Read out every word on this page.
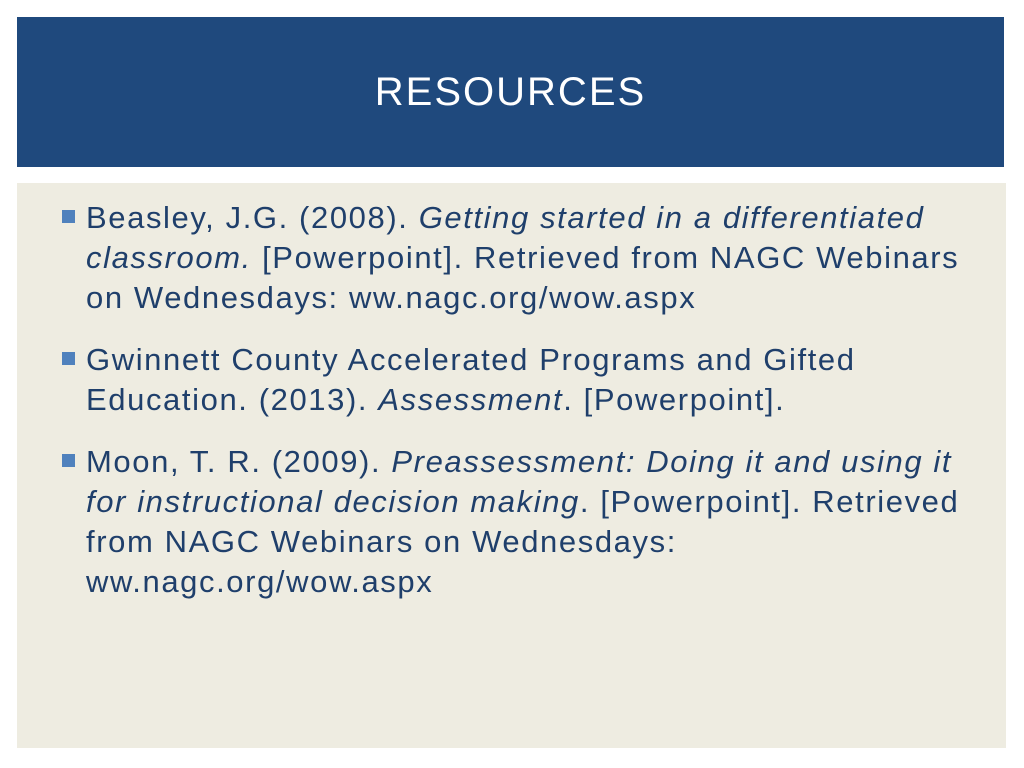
RESOURCES
Beasley, J.G. (2008). Getting started in a differentiated classroom. [Powerpoint]. Retrieved from NAGC Webinars on Wednesdays: ww.nagc.org/wow.aspx
Gwinnett County Accelerated Programs and Gifted Education. (2013). Assessment. [Powerpoint].
Moon, T. R. (2009). Preassessment: Doing it and using it for instructional decision making. [Powerpoint]. Retrieved from NAGC Webinars on Wednesdays: ww.nagc.org/wow.aspx
